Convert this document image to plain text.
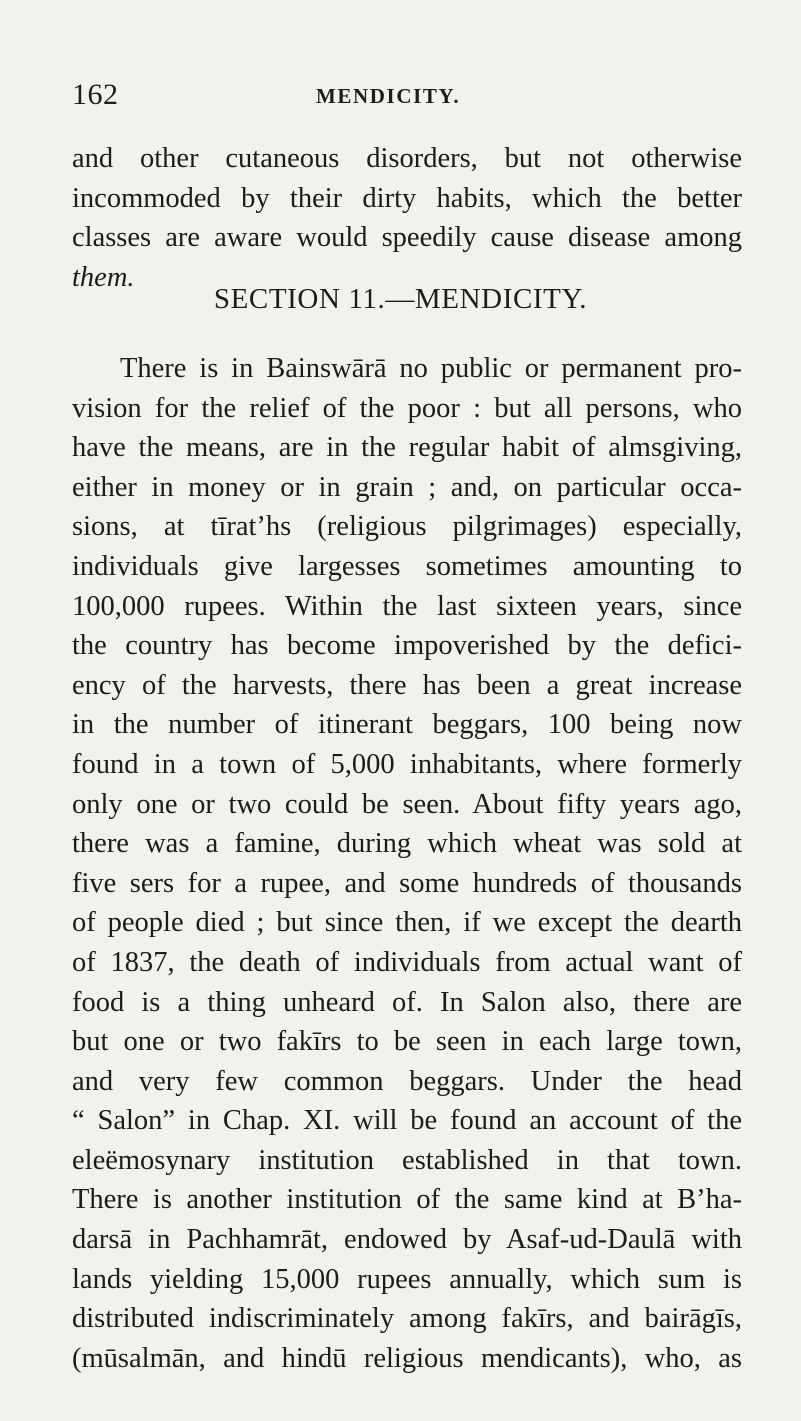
162	MENDICITY.
and other cutaneous disorders, but not otherwise
incommoded by their dirty habits, which the better
classes are aware would speedily cause disease among
them.
SECTION 11.—MENDICITY.
There is in Bainswārā no public or permanent pro-
vision for the relief of the poor : but all persons, who
have the means, are in the regular habit of almsgiving,
either in money or in grain ; and, on particular occa-
sions, at tīrat’hs (religious pilgrimages) especially,
individuals give largesses sometimes amounting to
100,000 rupees. Within the last sixteen years, since
the country has become impoverished by the defici-
ency of the harvests, there has been a great increase
in the number of itinerant beggars, 100 being now
found in a town of 5,000 inhabitants, where formerly
only one or two could be seen. About fifty years ago,
there was a famine, during which wheat was sold at
five sers for a rupee, and some hundreds of thousands
of people died ; but since then, if we except the dearth
of 1837, the death of individuals from actual want of
food is a thing unheard of. In Salon also, there are
but one or two fakīrs to be seen in each large town,
and very few common beggars. Under the head
“ Salon” in Chap. XI. will be found an account of the
eleëmosynary institution established in that town.
There is another institution of the same kind at B’ha-
darsā in Pachhamrāt, endowed by Asaf-ud-Daulā with
lands yielding 15,000 rupees annually, which sum is
distributed indiscriminately among fakīrs, and bairāgīs,
(mūsalmān, and hindū religious mendicants), who, as
